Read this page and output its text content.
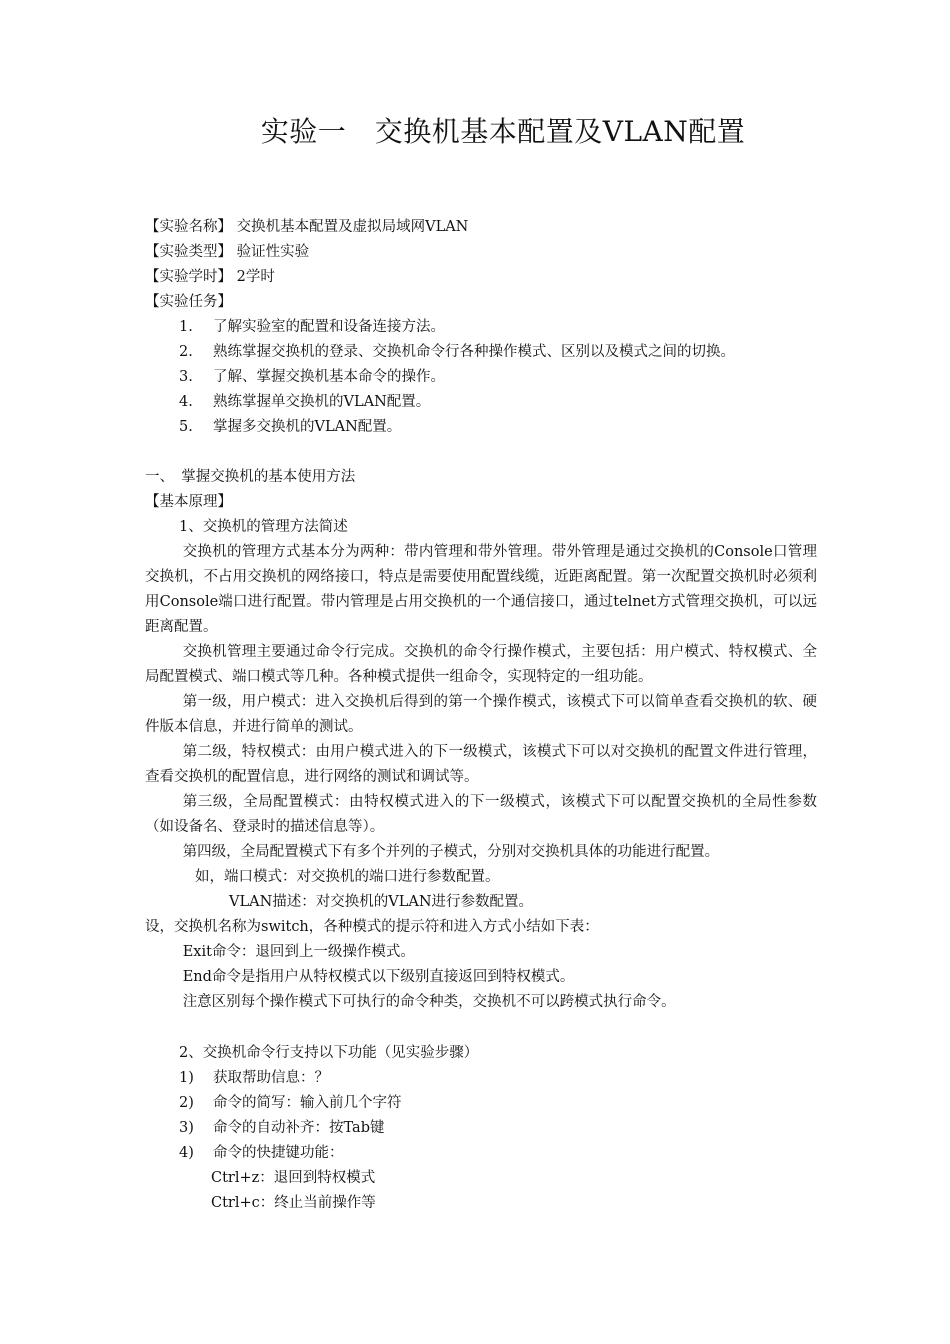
实验一　交换机基本配置及VLAN配置
【实验名称】 交换机基本配置及虚拟局域网VLAN
【实验类型】 验证性实验
【实验学时】 2学时
【实验任务】
1. 了解实验室的配置和设备连接方法。
2. 熟练掌握交换机的登录、交换机命令行各种操作模式、区别以及模式之间的切换。
3. 了解、掌握交换机基本命令的操作。
4. 熟练掌握单交换机的VLAN配置。
5. 掌握多交换机的VLAN配置。
一、　掌握交换机的基本使用方法
【基本原理】
1、交换机的管理方法简述

交换机的管理方式基本分为两种：带内管理和带外管理。带外管理是通过交换机的Console口管理交换机，不占用交换机的网络接口，特点是需要使用配置线缆，近距离配置。第一次配置交换机时必须利用Console端口进行配置。带内管理是占用交换机的一个通信接口，通过telnet方式管理交换机，可以远距离配置。

交换机管理主要通过命令行完成。交换机的命令行操作模式，主要包括：用户模式、特权模式、全局配置模式、端口模式等几种。各种模式提供一组命令，实现特定的一组功能。

第一级，用户模式：进入交换机后得到的第一个操作模式，该模式下可以简单查看交换机的软、硬件版本信息，并进行简单的测试。

第二级，特权模式：由用户模式进入的下一级模式，该模式下可以对交换机的配置文件进行管理，查看交换机的配置信息，进行网络的测试和调试等。

第三级，全局配置模式：由特权模式进入的下一级模式，该模式下可以配置交换机的全局性参数（如设备名、登录时的描述信息等）。

第四级，全局配置模式下有多个并列的子模式，分别对交换机具体的功能进行配置。

如，端口模式：对交换机的端口进行参数配置。
VLAN描述：对交换机的VLAN进行参数配置。

设，交换机名称为switch，各种模式的提示符和进入方式小结如下表：

Exit命令：退回到上一级操作模式。

End命令是指用户从特权模式以下级别直接返回到特权模式。

注意区别每个操作模式下可执行的命令种类，交换机不可以跨模式执行命令。

2、交换机命令行支持以下功能（见实验步骤）
1) 获取帮助信息：？
2) 命令的简写：输入前几个字符
3) 命令的自动补齐：按Tab键
4) 命令的快捷键功能：
Ctrl+z：退回到特权模式
Ctrl+c：终止当前操作等
